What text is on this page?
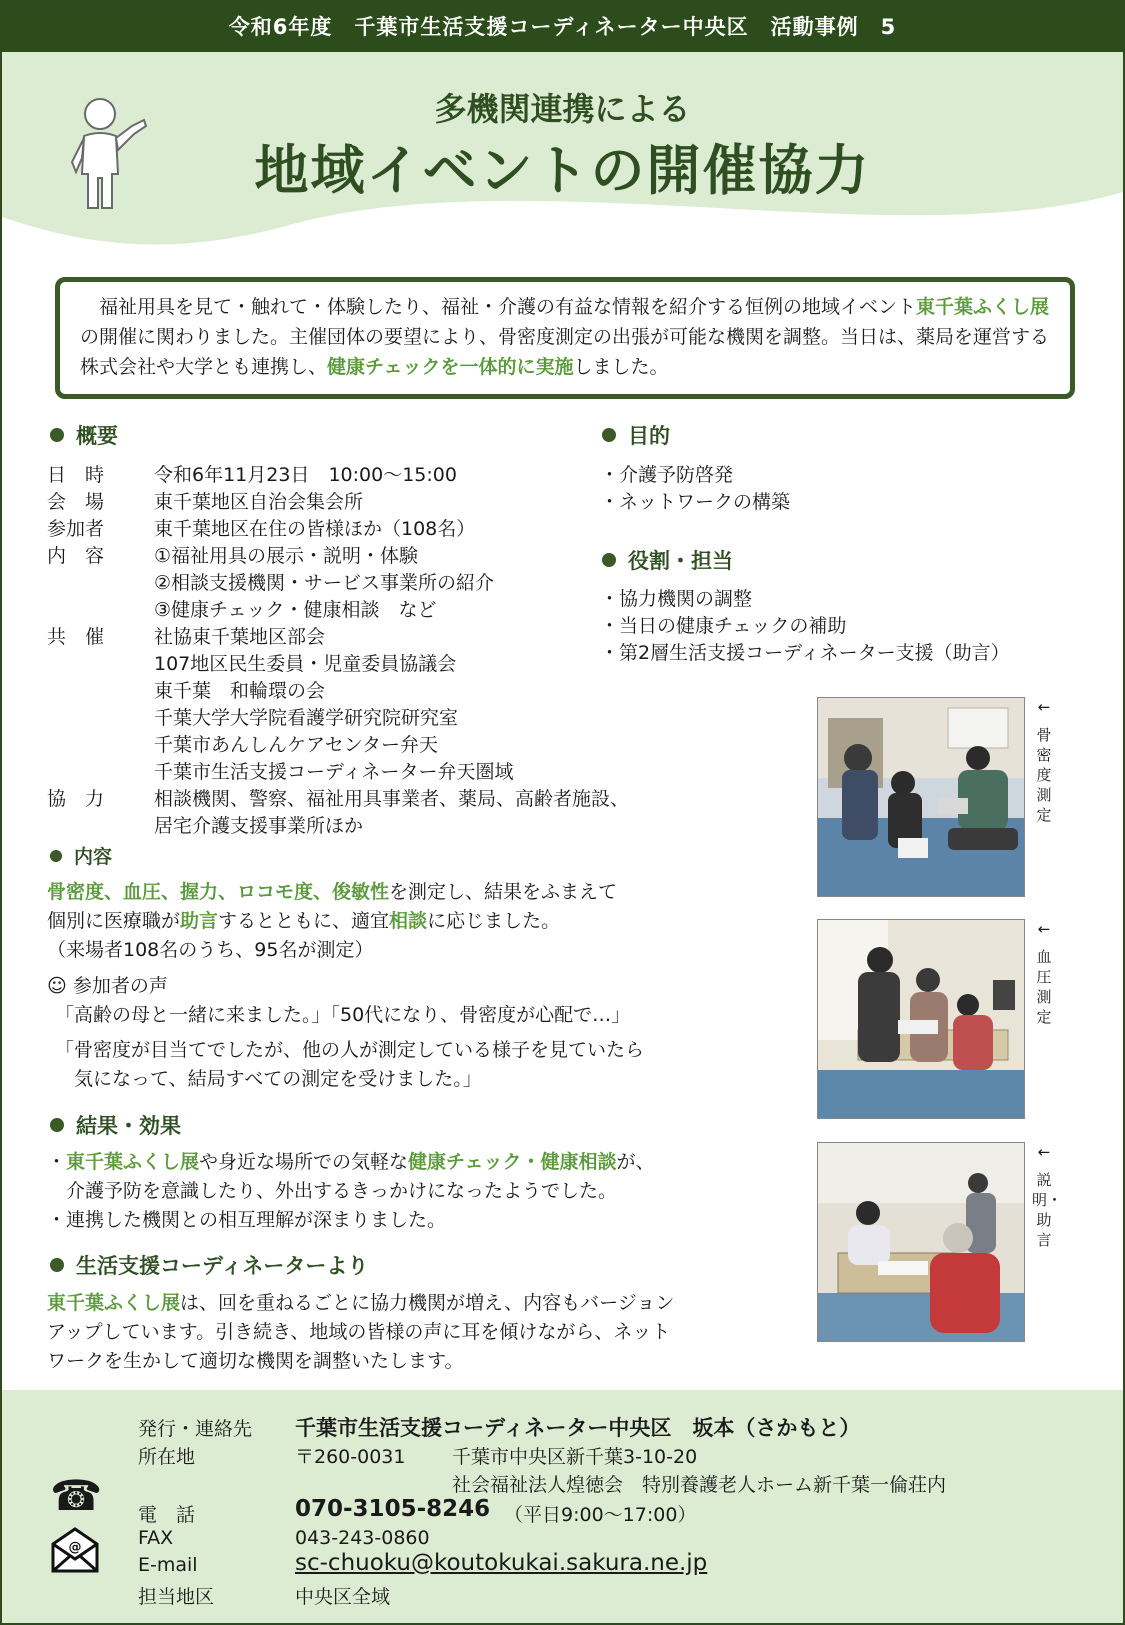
令和6年度　千葉市生活支援コーディネーター中央区　活動事例　5
多機関連携による
地域イベントの開催協力
　福祉用具を見て・触れて・体験したり、福祉・介護の有益な情報を紹介する恒例の地域イベント東千葉ふくし展の開催に関わりました。主催団体の要望により、骨密度測定の出張が可能な機関を調整。当日は、薬局を運営する株式会社や大学とも連携し、健康チェックを一体的に実施しました。
概要
日　時	令和6年11月23日　10:00～15:00
会　場	東千葉地区自治会集会所
参加者	東千葉地区在住の皆様ほか（108名）
内　容	①福祉用具の展示・説明・体験
②相談支援機関・サービス事業所の紹介
③健康チェック・健康相談　など
共　催	社協東千葉地区部会
107地区民生委員・児童委員協議会
東千葉　和輪環の会
千葉大学大学院看護学研究院研究室
千葉市あんしんケアセンター弁天
千葉市生活支援コーディネーター弁天圏域
協　力	相談機関、警察、福祉用具事業者、薬局、高齢者施設、
居宅介護支援事業所ほか
目的
・介護予防啓発
・ネットワークの構築
役割・担当
・協力機関の調整
・当日の健康チェックの補助
・第2層生活支援コーディネーター支援（助言）
内容
骨密度、血圧、握力、ロコモ度、俊敏性を測定し、結果をふまえて
個別に医療職が助言するとともに、適宜相談に応じました。
（来場者108名のうち、95名が測定）
☺ 参加者の声
「高齢の母と一緒に来ました。」「50代になり、骨密度が心配で…」
「骨密度が目当てでしたが、他の人が測定している様子を見ていたら
　気になって、結局すべての測定を受けました。」
結果・効果
・東千葉ふくし展や身近な場所での気軽な健康チェック・健康相談が、
　介護予防を意識したり、外出するきっかけになったようでした。
・連携した機関との相互理解が深まりました。
生活支援コーディネーターより
東千葉ふくし展は、回を重ねるごとに協力機関が増え、内容もバージョン
アップしています。引き続き、地域の皆様の声に耳を傾けながら、ネット
ワークを生かして適切な機関を調整いたします。
←
骨密度測定
←
血圧測定
←
説明・助言
発行・連絡先 千葉市生活支援コーディネーター中央区　坂本（さかもと）
所在地	〒260-0031 千葉市中央区新千葉3-10-20
社会福祉法人煌徳会　特別養護老人ホーム新千葉一倫荘内
☎ 電　話	070-3105-8246 （平日9:00～17:00）
FAX	043-243-0860
@
E-mail	sc-chuoku@koutokukai.sakura.ne.jp
担当地区	中央区全域
